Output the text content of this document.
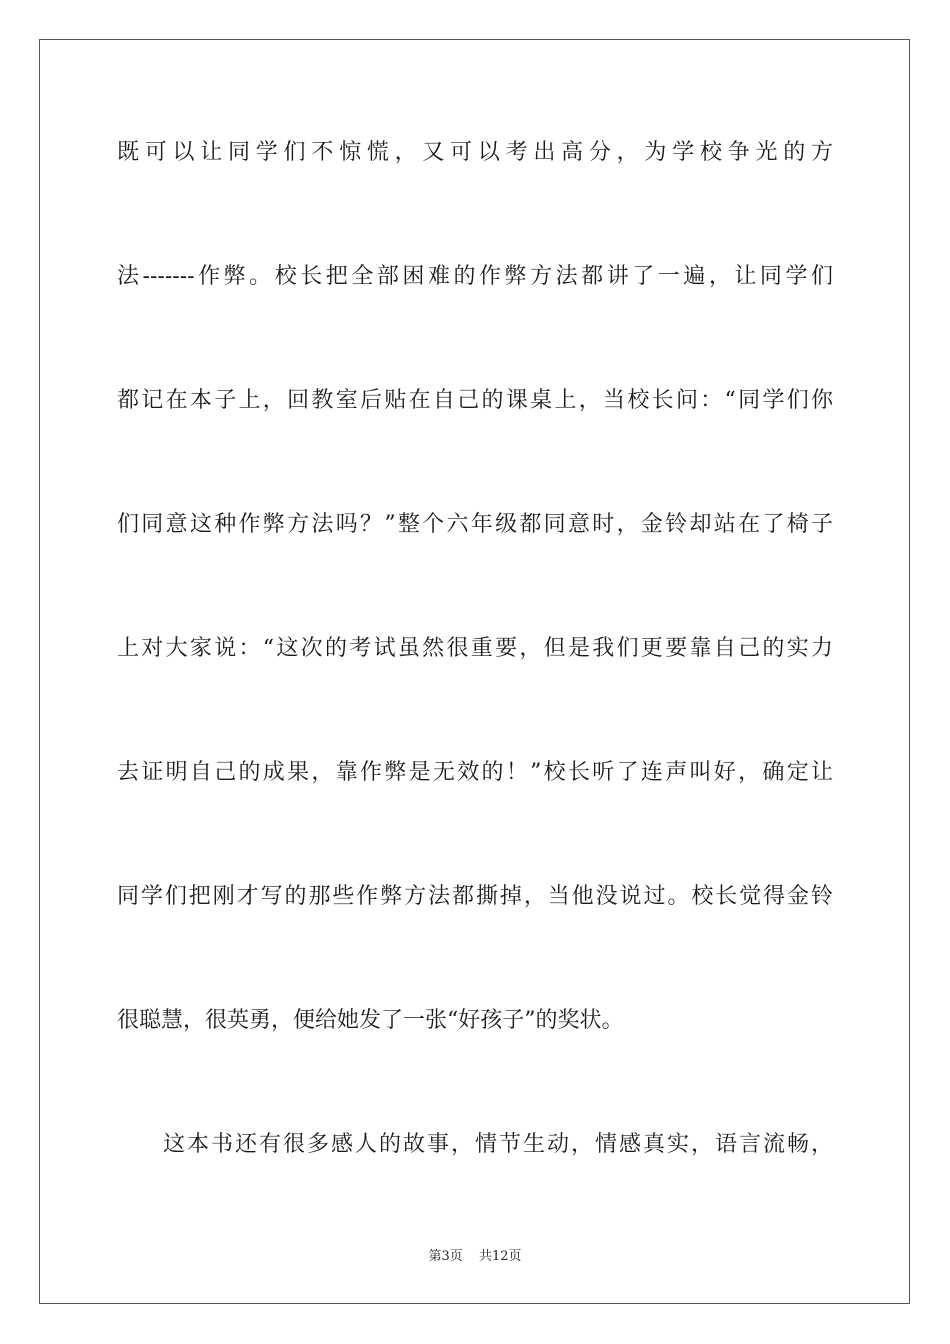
既可以让同学们不惊慌，又可以考出高分，为学校争光的方
法-------作弊。校长把全部困难的作弊方法都讲了一遍，让同学们
都记在本子上，回教室后贴在自己的课桌上，当校长问：“同学们你
们同意这种作弊方法吗？”整个六年级都同意时，金铃却站在了椅子
上对大家说：“这次的考试虽然很重要，但是我们更要靠自己的实力
去证明自己的成果，靠作弊是无效的！”校长听了连声叫好，确定让
同学们把刚才写的那些作弊方法都撕掉，当他没说过。校长觉得金铃
很聪慧，很英勇，便给她发了一张“好孩子”的奖状。
这本书还有很多感人的故事，情节生动，情感真实，语言流畅，
第3页 共12页
